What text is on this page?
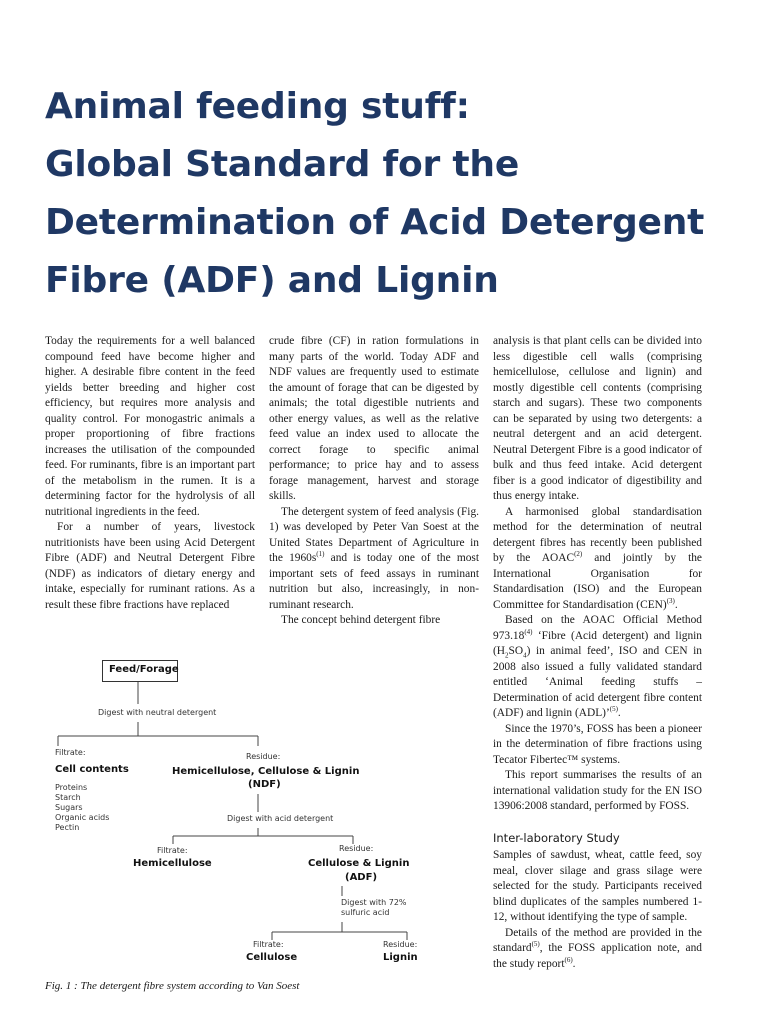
Animal feeding stuff:
Global Standard for the
Determination of Acid Detergent
Fibre (ADF) and Lignin

Today the requirements for a well balanced compound feed have become higher and higher. A desirable fibre content in the feed yields better breeding and higher cost efficiency, but requires more analysis and quality control. For monogastric animals a proper proportioning of fibre fractions increases the utilisation of the compounded feed. For ruminants, fibre is an important part of the metabolism in the rumen. It is a determining factor for the hydrolysis of all nutritional ingredients in the feed.

For a number of years, livestock nutritionists have been using Acid Detergent Fibre (ADF) and Neutral Detergent Fibre (NDF) as indicators of dietary energy and intake, especially for ruminant rations. As a result these fibre fractions have replaced

crude fibre (CF) in ration formulations in many parts of the world. Today ADF and NDF values are frequently used to estimate the amount of forage that can be digested by animals; the total digestible nutrients and other energy values, as well as the relative feed value an index used to allocate the correct forage to specific animal performance; to price hay and to assess forage management, harvest and storage skills.

The detergent system of feed analysis (Fig. 1) was developed by Peter Van Soest at the United States Department of Agriculture in the $1960s^{(1)}$ and is today one of the most important sets of feed assays in ruminant nutrition but also, increasingly, in non-ruminant research.

The concept behind detergent fibre

analysis is that plant cells can be divided into less digestible cell walls (comprising hemicellulose, cellulose and lignin) and mostly digestible cell contents (comprising starch and sugars). These two components can be separated by using two detergents: a neutral detergent and an acid detergent. Neutral Detergent Fibre is a good indicator of bulk and thus feed intake. Acid detergent fiber is a good indicator of digestibility and thus energy intake.

A harmonised global standardisation method for the determination of neutral detergent fibres has recently been published by the AOAC$^{(2)}$ and jointly by the International Organisation for Standardisation (ISO) and the European Committee for Standardisation (CEN)$^{(3)}$.

Based on the AOAC Official Method 973.18$^{(4)}$ ‘Fibre (Acid detergent) and lignin $(H_2SO_4)$ in animal feed’, ISO and CEN in 2008 also issued a fully validated standard entitled ‘Animal feeding stuffs – Determination of acid detergent fibre content (ADF) and lignin (ADL)’$^{(5)}$.

Since the 1970’s, FOSS has been a pioneer in the determination of fibre fractions using Tecator Fibertec™ systems.

This report summarises the results of an international validation study for the EN ISO 13906:2008 standard, performed by FOSS.

Inter-laboratory Study

Samples of sawdust, wheat, cattle feed, soy meal, clover silage and grass silage were selected for the study. Participants received blind duplicates of the samples numbered 1-12, without identifying the type of sample.

Details of the method are provided in the standard$^{(5)}$, the FOSS application note, and the study report$^{(6)}$.

Feed/Forage
Digest with neutral detergent
Filtrate:
Cell contents
Proteins
Starch
Sugars
Organic acids
Pectin
Residue:
Hemicellulose, Cellulose & Lignin
(NDF)
Digest with acid detergent
Filtrate:
Hemicellulose
Residue:
Cellulose & Lignin
(ADF)
Digest with 72%
sulfuric acid
Filtrate:
Cellulose
Residue:
Lignin
Fig. 1 : The detergent fibre system according to Van Soest
